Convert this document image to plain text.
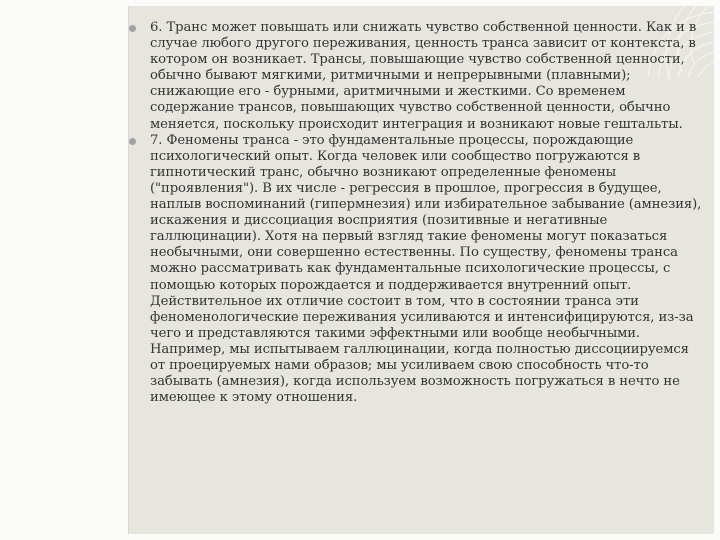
6. Транс может повышать или снижать чувство собственной ценности. Как и в случае любого другого переживания, ценность транса зависит от контекста, в котором он возникает. Трансы, повышающие чувство собственной ценности, обычно бывают мягкими, ритмичными и непрерывными (плавными); снижающие его - бурными, аритмичными и жесткими. Со временем содержание трансов, повышающих чувство собственной ценности, обычно меняется, поскольку происходит интеграция и возникают новые гештальты.
7. Феномены транса - это фундаментальные процессы, порождающие психологический опыт. Когда человек или сообщество погружаются в гипнотический транс, обычно возникают определенные феномены ("проявления"). В их числе - регрессия в прошлое, прогрессия в будущее, наплыв воспоминаний (гипермнезия) или избирательное забывание (амнезия), искажения и диссоциация восприятия (позитивные и негативные галлюцинации). Хотя на первый взгляд такие феномены могут показаться необычными, они совершенно естественны. По существу, феномены транса можно рассматривать как фундаментальные психологические процессы, с помощью которых порождается и поддерживается внутренний опыт. Действительное их отличие состоит в том, что в состоянии транса эти феноменологические переживания усиливаются и интенсифицируются, из-за чего и представляются такими эффектными или вообще необычными. Например, мы испытываем галлюцинации, когда полностью диссоциируемся от проецируемых нами образов; мы усиливаем свою способность что-то забывать (амнезия), когда используем возможность погружаться в нечто не имеющее к этому отношения.
